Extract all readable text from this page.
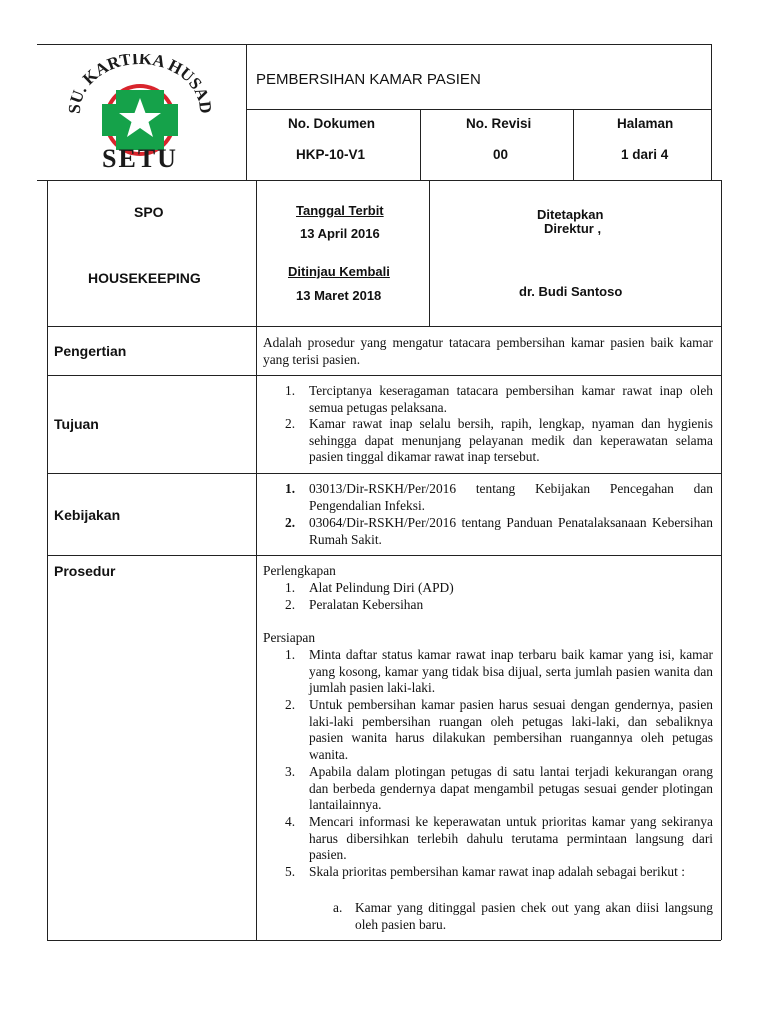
SU. KARTIKA HUSAD
SETU
PEMBERSIHAN KAMAR PASIEN
No. Dokumen
HKP-10-V1
No. Revisi
00
Halaman
1 dari 4
SPO
HOUSEKEEPING
Tanggal Terbit
13 April 2016
Ditinjau Kembali
13 Maret 2018
Ditetapkan
Direktur ,
dr. Budi Santoso
Pengertian
Adalah prosedur yang mengatur tatacara pembersihan kamar pasien baik kamar yang terisi pasien.
Tujuan
1. Terciptanya keseragaman tatacara pembersihan kamar rawat inap oleh semua petugas pelaksana.
2. Kamar rawat inap selalu bersih, rapih, lengkap, nyaman dan hygienis sehingga dapat menunjang pelayanan medik dan keperawatan selama pasien tinggal dikamar rawat inap tersebut.
Kebijakan
1. 03013/Dir-RSKH/Per/2016 tentang Kebijakan Pencegahan dan Pengendalian Infeksi.
2. 03064/Dir-RSKH/Per/2016 tentang Panduan Penatalaksanaan Kebersihan Rumah Sakit.
Prosedur	Perlengkapan
1. Alat Pelindung Diri (APD)
2. Peralatan Kebersihan
Persiapan
1. Minta daftar status kamar rawat inap terbaru baik kamar yang isi, kamar yang kosong, kamar yang tidak bisa dijual, serta jumlah pasien wanita dan jumlah pasien laki-laki.
2. Untuk pembersihan kamar pasien harus sesuai dengan gendernya, pasien laki-laki pembersihan ruangan oleh petugas laki-laki, dan sebaliknya pasien wanita harus dilakukan pembersihan ruangannya oleh petugas wanita.
3. Apabila dalam plotingan petugas di satu lantai terjadi kekurangan orang dan berbeda gendernya dapat mengambil petugas sesuai gender plotingan lantailainnya.
4. Mencari informasi ke keperawatan untuk prioritas kamar yang sekiranya harus dibersihkan terlebih dahulu terutama permintaan langsung dari pasien.
5. Skala prioritas pembersihan kamar rawat inap adalah sebagai berikut :
a. Kamar yang ditinggal pasien chek out yang akan diisi langsung oleh pasien baru.
